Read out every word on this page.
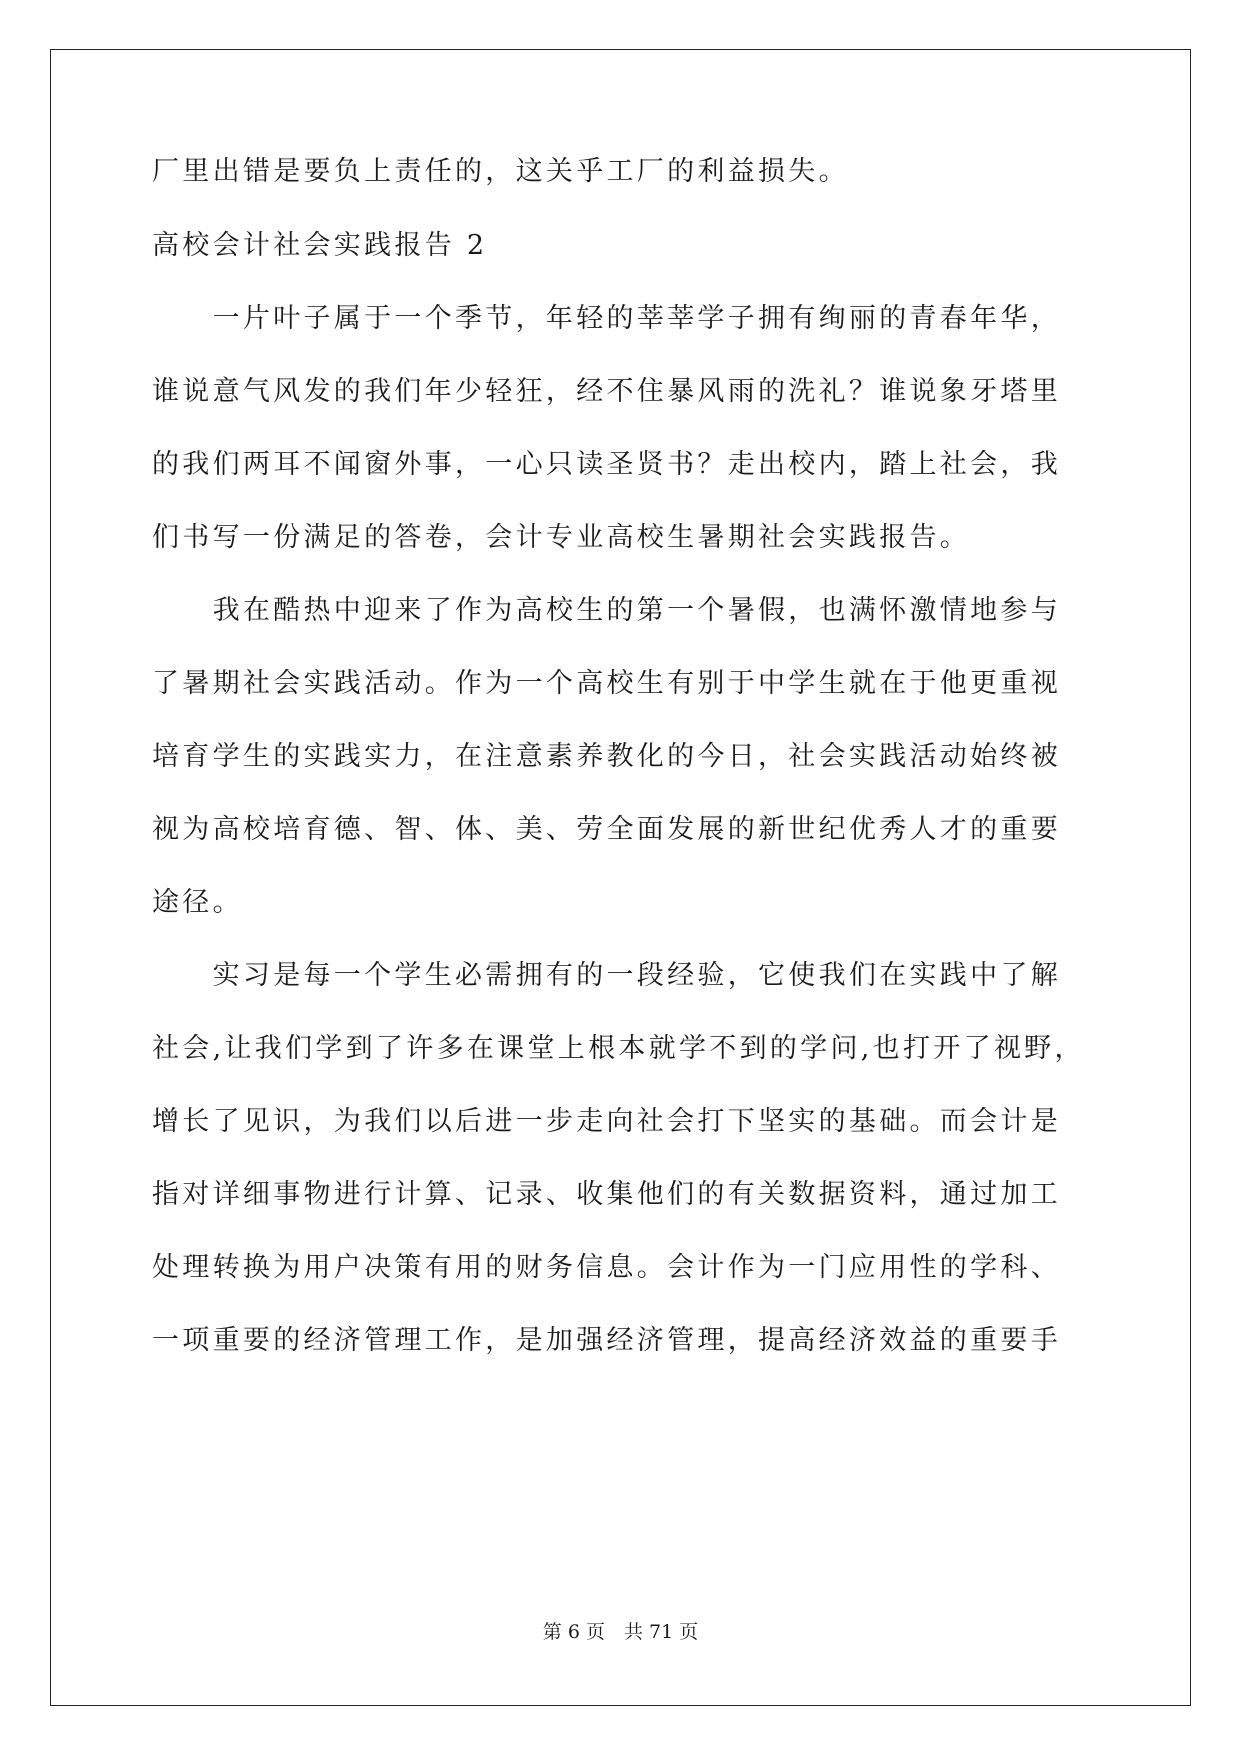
厂里出错是要负上责任的，这关乎工厂的利益损失。
高校会计社会实践报告 2
　　一片叶子属于一个季节，年轻的莘莘学子拥有绚丽的青春年华，
谁说意气风发的我们年少轻狂，经不住暴风雨的洗礼？谁说象牙塔里
的我们两耳不闻窗外事，一心只读圣贤书？走出校内，踏上社会，我
们书写一份满足的答卷，会计专业高校生暑期社会实践报告。
　　我在酷热中迎来了作为高校生的第一个暑假，也满怀激情地参与
了暑期社会实践活动。作为一个高校生有别于中学生就在于他更重视
培育学生的实践实力，在注意素养教化的今日，社会实践活动始终被
视为高校培育德、智、体、美、劳全面发展的新世纪优秀人才的重要
途径。
　　实习是每一个学生必需拥有的一段经验，它使我们在实践中了解
社会,让我们学到了许多在课堂上根本就学不到的学问,也打开了视野，
增长了见识，为我们以后进一步走向社会打下坚实的基础。而会计是
指对详细事物进行计算、记录、收集他们的有关数据资料，通过加工
处理转换为用户决策有用的财务信息。会计作为一门应用性的学科、
一项重要的经济管理工作，是加强经济管理，提高经济效益的重要手
第 6 页　共 71 页
